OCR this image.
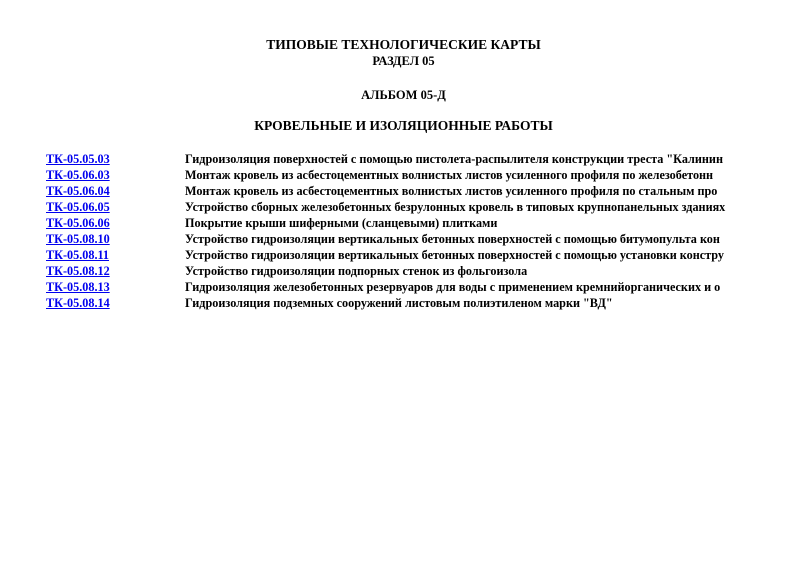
ТИПОВЫЕ ТЕХНОЛОГИЧЕСКИЕ КАРТЫ
РАЗДЕЛ 05
АЛЬБОМ 05-Д
КРОВЕЛЬНЫЕ И ИЗОЛЯЦИОННЫЕ РАБОТЫ
ТК-05.05.03	Гидроизоляция поверхностей с помощью пистолета-распылителя конструкции треста "Калинин
ТК-05.06.03	Монтаж кровель из асбестоцементных волнистых листов усиленного профиля по железобетонн
ТК-05.06.04	Монтаж кровель из асбестоцементных волнистых листов усиленного профиля по стальным про
ТК-05.06.05	Устройство сборных железобетонных безрулонных кровель в типовых крупнопанельных зданиях
ТК-05.06.06	Покрытие крыши шиферными (сланцевыми) плитками
ТК-05.08.10	Устройство гидроизоляции вертикальных бетонных поверхностей с помощью битумопульта кон
ТК-05.08.11	Устройство гидроизоляции вертикальных бетонных поверхностей с помощью установки констру
ТК-05.08.12	Устройство гидроизоляции подпорных стенок из фольгоизола
ТК-05.08.13	Гидроизоляция железобетонных резервуаров для воды с применением кремнийорганических и о
ТК-05.08.14	Гидроизоляция подземных сооружений листовым полиэтиленом марки "ВД"
